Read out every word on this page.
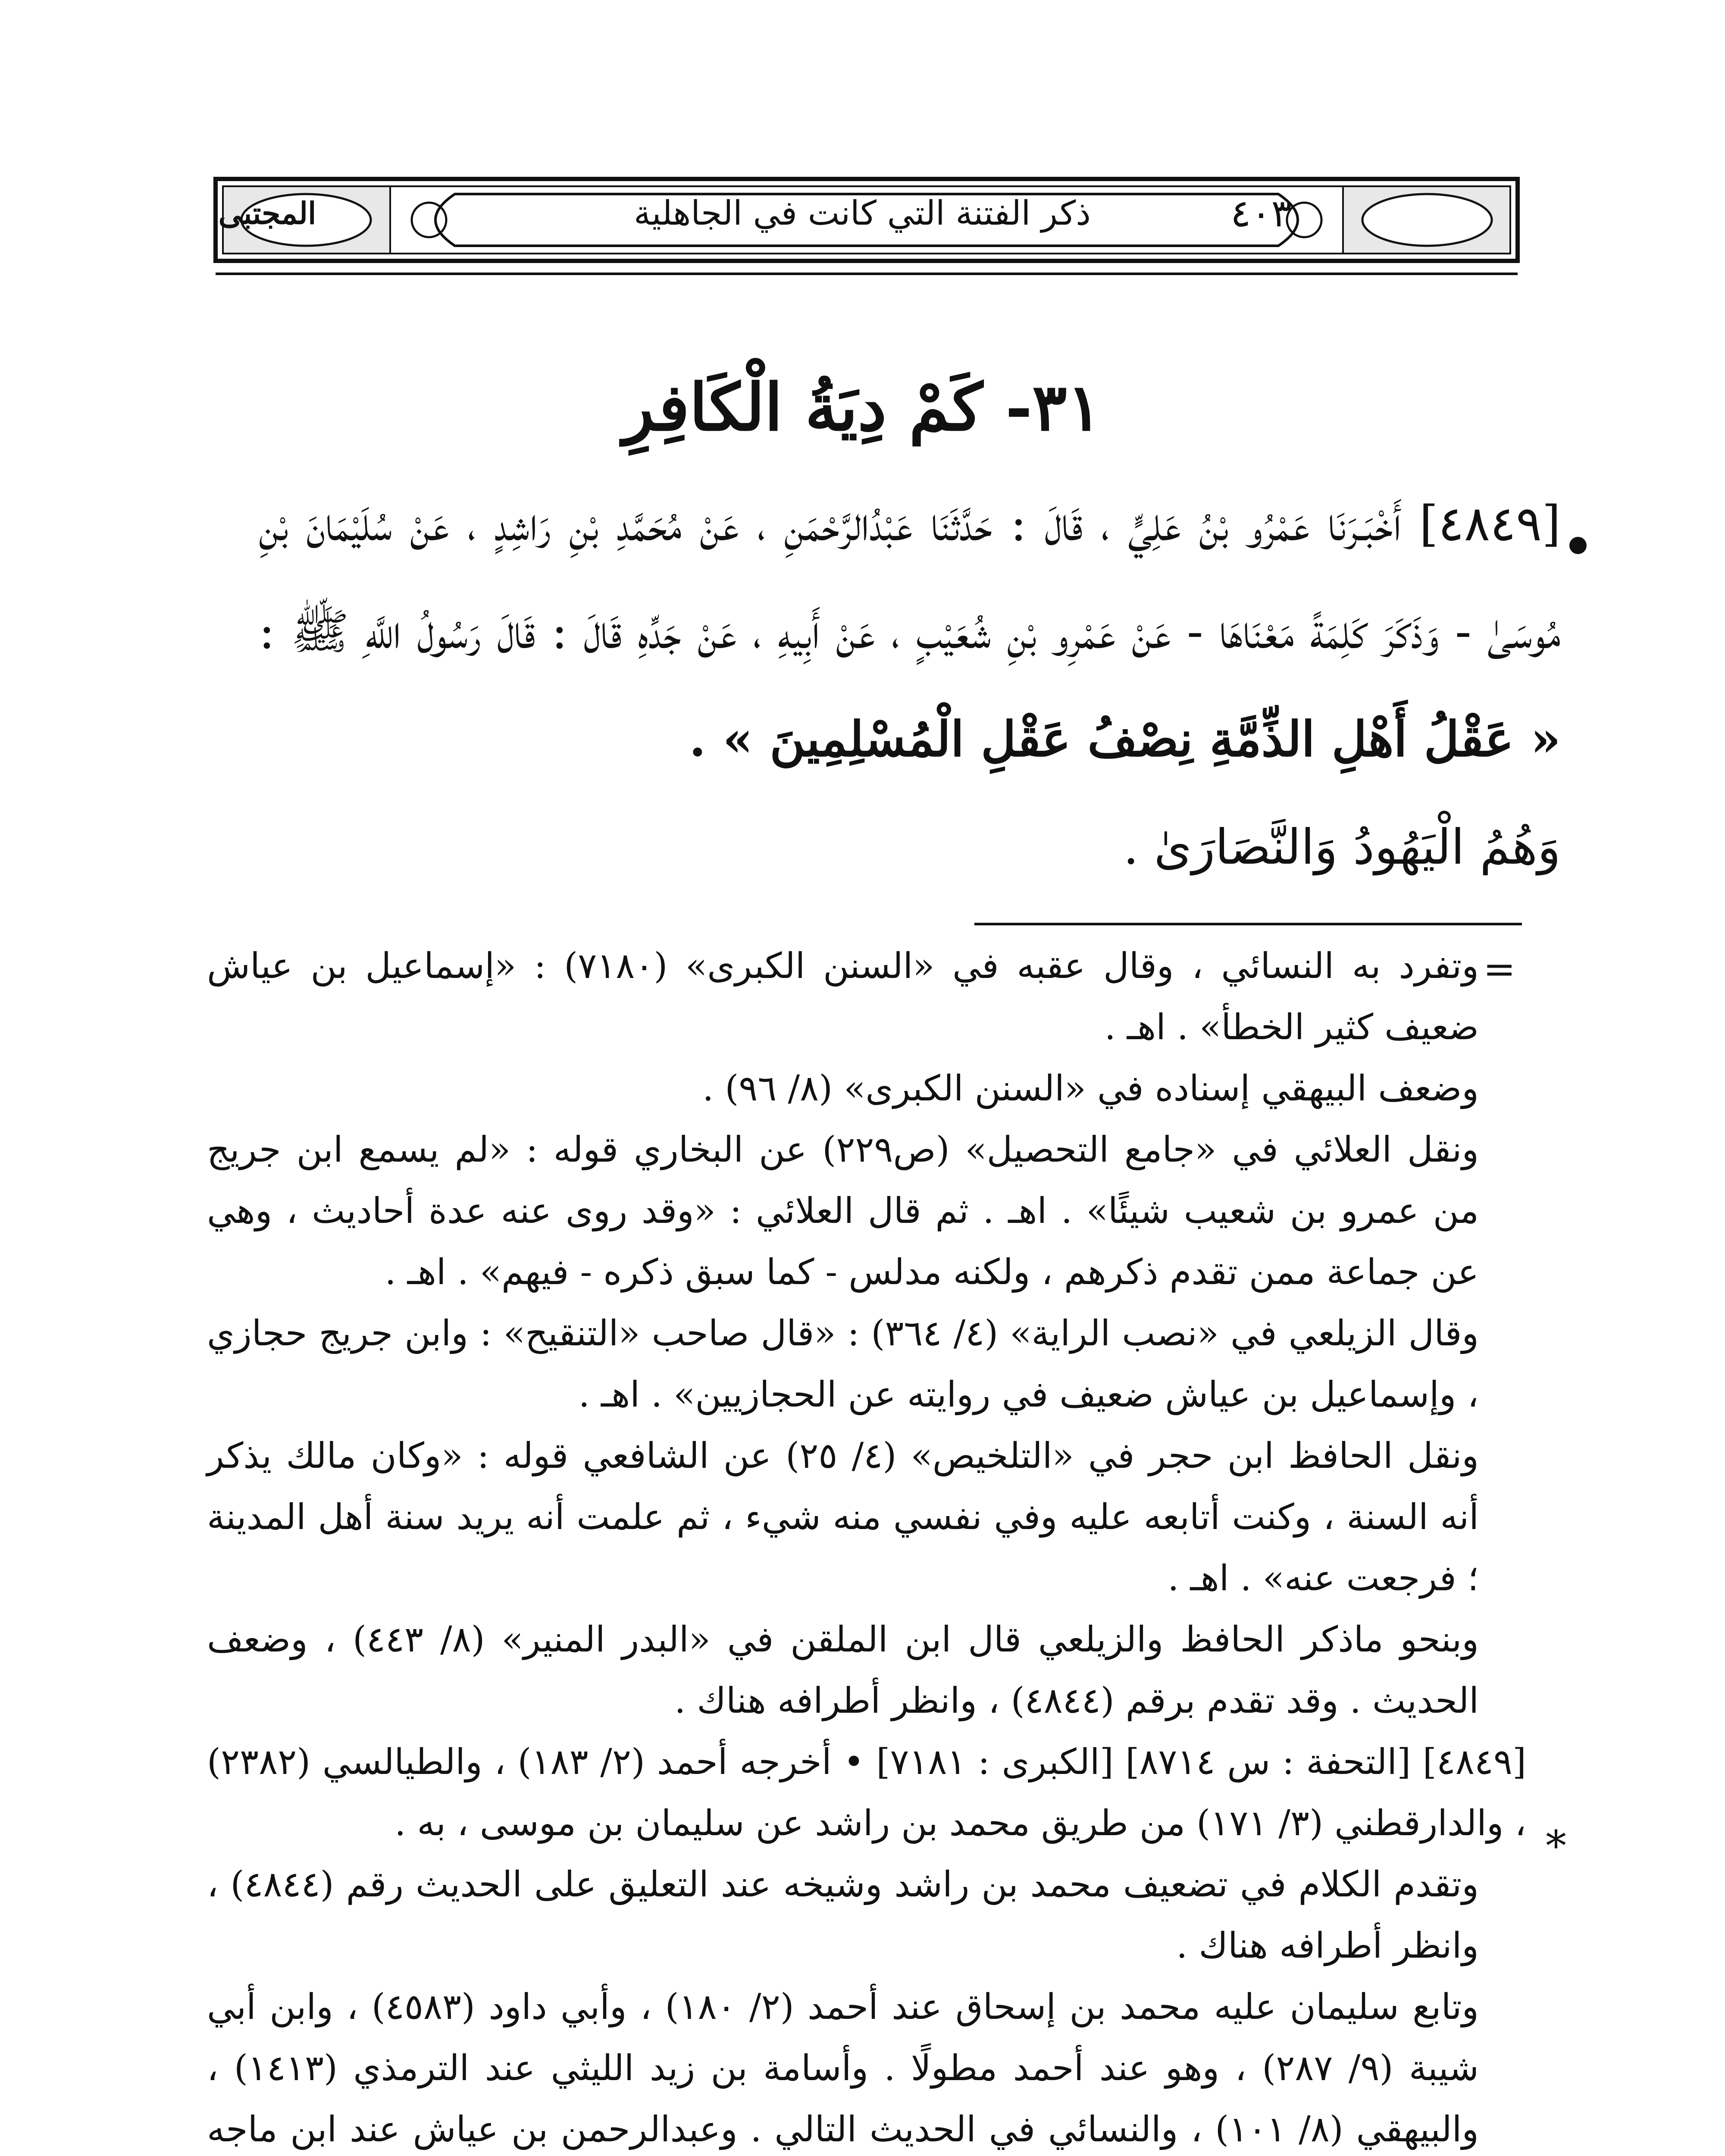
٤٠٣
المجتبى	ذكر الفتنة التي كانت في الجاهلية
٣١- كَمْ دِيَةُ الْكَافِرِ

[٤٨٤٩] أَخْبَـرَنَا عَمْرُو بْنُ عَلِيٍّ ، قَالَ : حَدَّثَنَا عَبْدُالرَّحْمَنِ ، عَنْ مُحَمَّدِ بْنِ رَاشِدٍ ، عَنْ سُلَيْمَانَ بْنِ مُوسَىٰ - وَذَكَرَ كَلِمَةً مَعْنَاهَا - عَنْ عَمْرِو بْنِ شُعَيْبٍ ، عَنْ أَبِيهِ ، عَنْ جَدِّهِ قَالَ : قَالَ رَسُولُ اللَّهِ ﷺ : « عَقْلُ أَهْلِ الذِّمَّةِ نِصْفُ عَقْلِ الْمُسْلِمِينَ » .

وَهُمُ الْيَهُودُ وَالنَّصَارَىٰ .

=

وتفرد به النسائي ، وقال عقبه في «السنن الكبرى» (٧١٨٠) : «إسماعيل بن عياش ضعيف كثير الخطأ» . اهـ .

وضعف البيهقي إسناده في «السنن الكبرى» (٨/ ٩٦) .

ونقل العلائي في «جامع التحصيل» (ص٢٢٩) عن البخاري قوله : «لم يسمع ابن جريج من عمرو بن شعيب شيئًا» . اهـ . ثم قال العلائي : «وقد روى عنه عدة أحاديث ، وهي عن جماعة ممن تقدم ذكرهم ، ولكنه مدلس - كما سبق ذكره - فيهم» . اهـ .

وقال الزيلعي في «نصب الراية» (٤/ ٣٦٤) : «قال صاحب «التنقيح» : وابن جريج حجازي ، وإسماعيل بن عياش ضعيف في روايته عن الحجازيين» . اهـ .

ونقل الحافظ ابن حجر في «التلخيص» (٤/ ٢٥) عن الشافعي قوله : «وكان مالك يذكر أنه السنة ، وكنت أتابعه عليه وفي نفسي منه شيء ، ثم علمت أنه يريد سنة أهل المدينة ؛ فرجعت عنه» . اهـ .

وبنحو ماذكر الحافظ والزيلعي قال ابن الملقن في «البدر المنير» (٨/ ٤٤٣) ، وضعف الحديث . وقد تقدم برقم (٤٨٤٤) ، وانظر أطرافه هناك .

[٤٨٤٩] [التحفة : س ٨٧١٤] [الكبرى : ٧١٨١] • أخرجه أحمد (٢/ ١٨٣) ، والطيالسي (٢٣٨٢) ، والدارقطني (٣/ ١٧١) من طريق محمد بن راشد عن سليمان بن موسى ، به .

وتقدم الكلام في تضعيف محمد بن راشد وشيخه عند التعليق على الحديث رقم (٤٨٤٤) ، وانظر أطرافه هناك .

وتابع سليمان عليه محمد بن إسحاق عند أحمد (٢/ ١٨٠) ، وأبي داود (٤٥٨٣) ، وابن أبي شيبة (٩/ ٢٨٧) ، وهو عند أحمد مطولًا . وأسامة بن زيد الليثي عند الترمذي (١٤١٣) ، والبيهقي (٨/ ١٠١) ، والنسائي في الحديث التالي . وعبدالرحمن بن عياش عند ابن ماجه

*
